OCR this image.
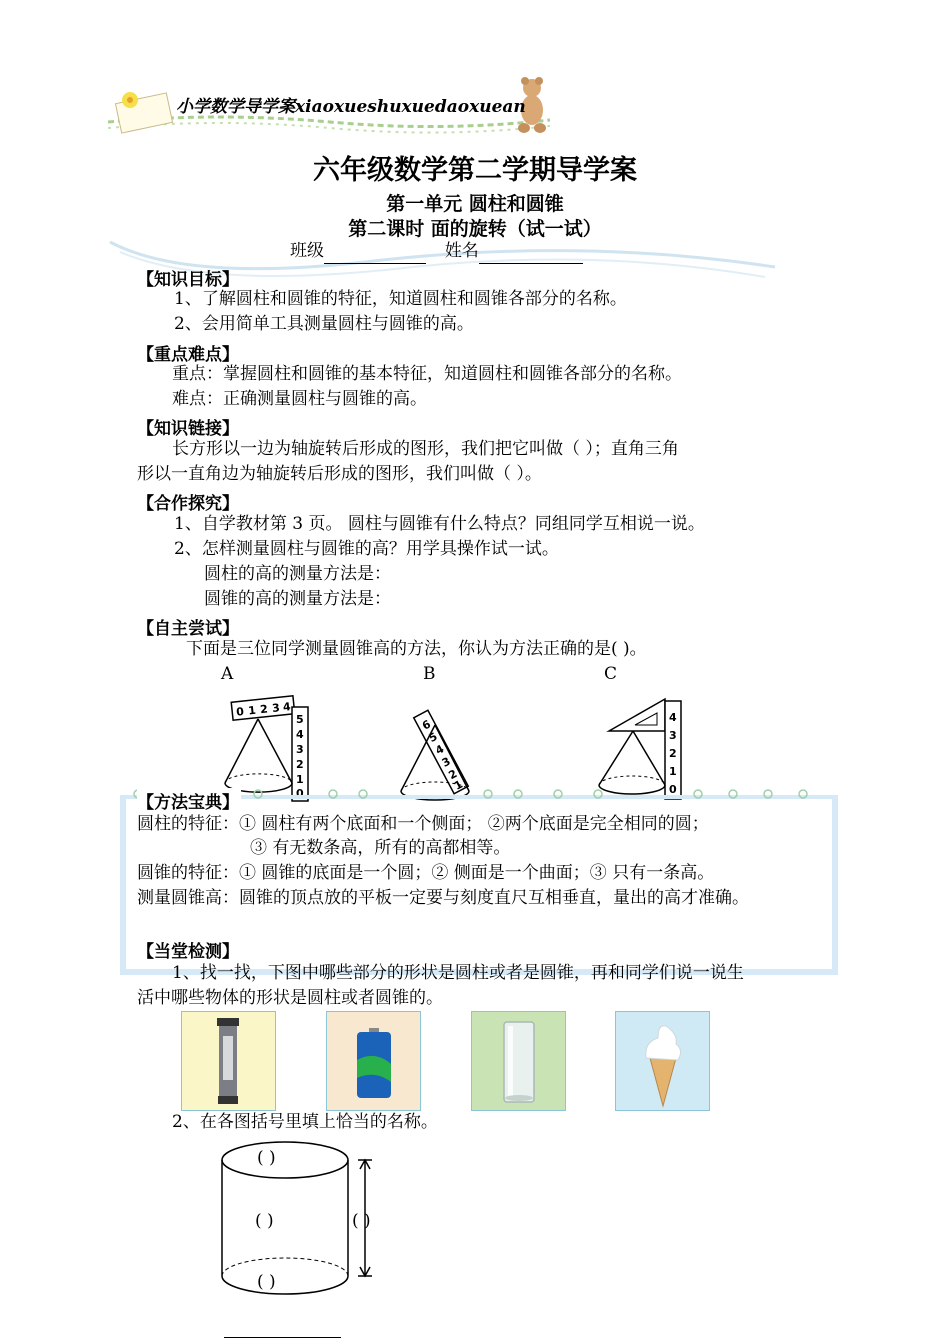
小学数学导学案xiaoxueshuxuedaoxuean
六年级数学第二学期导学案
第一单元 圆柱和圆锥
第二课时 面的旋转（试一试）
班级	姓名
【知识目标】
1、了解圆柱和圆锥的特征，知道圆柱和圆锥各部分的名称。
2、会用简单工具测量圆柱与圆锥的高。
【重点难点】
重点：掌握圆柱和圆锥的基本特征，知道圆柱和圆锥各部分的名称。
难点：正确测量圆柱与圆锥的高。
【知识链接】
长方形以一边为轴旋转后形成的图形，我们把它叫做（ ）；直角三角
形以一直角边为轴旋转后形成的图形，我们叫做（ ）。
【合作探究】
1、自学教材第 3 页。 圆柱与圆锥有什么特点？同组同学互相说一说。
2、怎样测量圆柱与圆锥的高？用学具操作试一试。
圆柱的高的测量方法是：
圆锥的高的测量方法是：
【自主尝试】
下面是三位同学测量圆锥高的方法，你认为方法正确的是( )。
A	B	C
0 1 2 3 4
5
4
3
2
1
0
6
5
4
3
2
1
4
3
2
1
0
【方法宝典】
圆柱的特征：① 圆柱有两个底面和一个侧面； ②两个底面是完全相同的圆；
③ 有无数条高，所有的高都相等。
圆锥的特征：① 圆锥的底面是一个圆；② 侧面是一个曲面；③ 只有一条高。
测量圆锥高：圆锥的顶点放的平板一定要与刻度直尺互相垂直，量出的高才准确。
【当堂检测】
1、找一找，下图中哪些部分的形状是圆柱或者是圆锥，再和同学们说一说生
活中哪些物体的形状是圆柱或者圆锥的。
2、在各图括号里填上恰当的名称。
( )
( )	( )
( )
